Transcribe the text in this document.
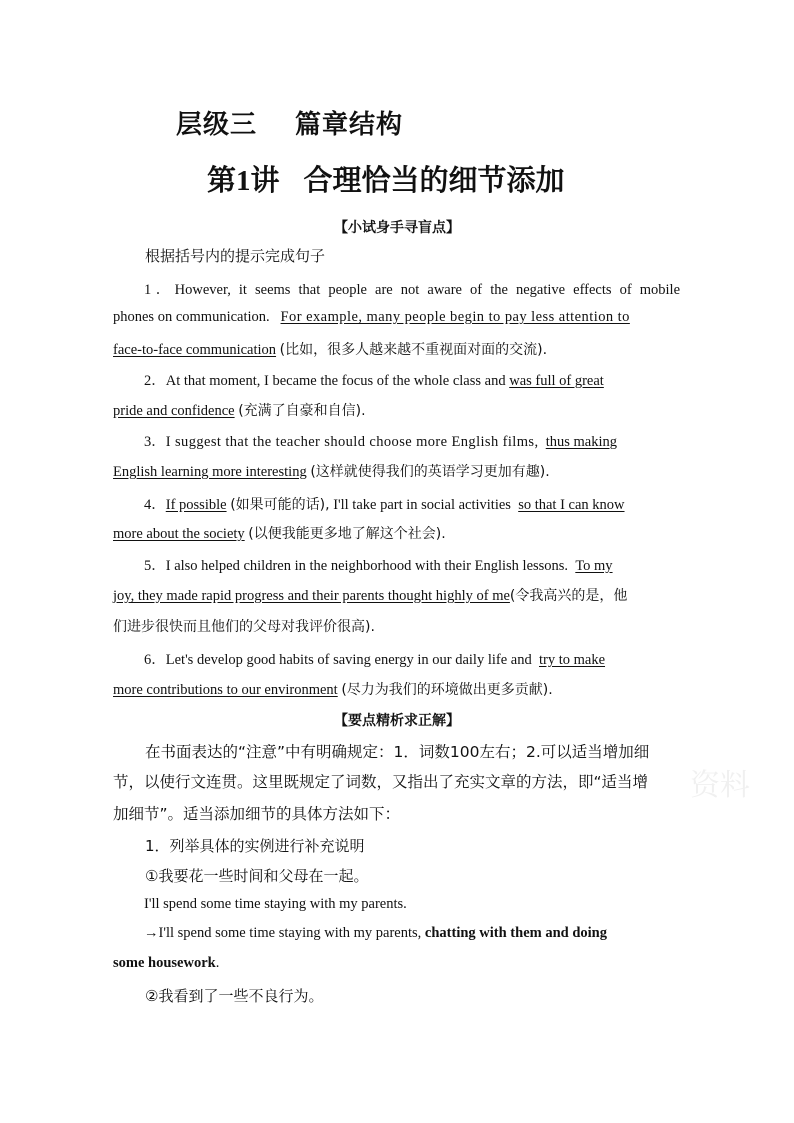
层级三 篇章结构
第1讲 合理恰当的细节添加
【小试身手寻盲点】
根据括号内的提示完成句子
1．However, it seems that people are not aware of the negative effects of mobile
phones on communication. For example, many people begin to pay less attention to
face-to-face communication (比如，很多人越来越不重视面对面的交流).
2．At that moment, I became the focus of the whole class and was full of great
pride and confidence (充满了自豪和自信).
3．I suggest that the teacher should choose more English films, thus making
English learning more interesting (这样就使得我们的英语学习更加有趣).
4．If possible (如果可能的话), I'll take part in social activities so that I can know
more about the society (以便我能更多地了解这个社会).
5．I also helped children in the neighborhood with their English lessons. To my
joy, they made rapid progress and their parents thought highly of me(令我高兴的是，他
们进步很快而且他们的父母对我评价很高).
6．Let's develop good habits of saving energy in our daily life and try to make
more contributions to our environment (尽力为我们的环境做出更多贡献).
【要点精析求正解】
在书面表达的“注意”中有明确规定：1．词数100左右；2.可以适当增加细
节，以使行文连贯。这里既规定了词数，又指出了充实文章的方法，即“适当增
加细节”。适当添加细节的具体方法如下：
1．列举具体的实例进行补充说明
①我要花一些时间和父母在一起。
I'll spend some time staying with my parents.
→I'll spend some time staying with my parents, chatting with them and doing
some housework.
②我看到了一些不良行为。
资料
